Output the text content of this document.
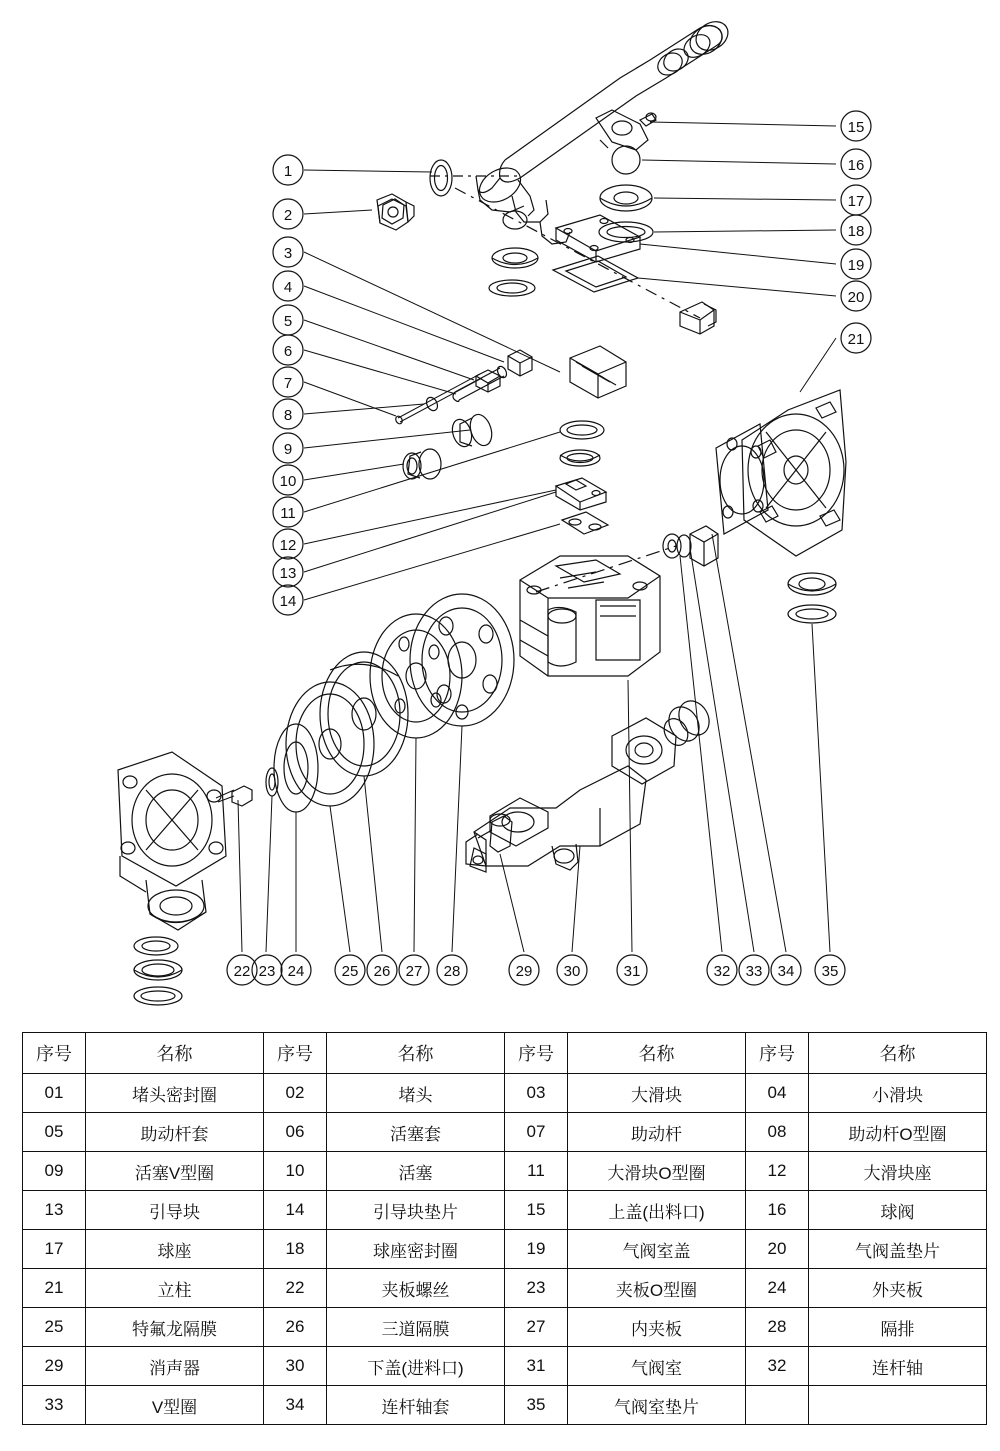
1
2
3
4
5
6
7
8
9
10
11
12
13
14
15
16
17
18
19
20
21
22 23 24 25 26 27 28	29 30	31	32 33 34 35
序号	名称	序号	名称	序号	名称	序号	名称
01	堵头密封圈	02	堵头	03	大滑块	04	小滑块
05	助动杆套	06	活塞套	07	助动杆	08	助动杆O型圈
09	活塞V型圈	10	活塞	11	大滑块O型圈	12	大滑块座
13	引导块	14	引导块垫片	15	上盖(出料口)	16	球阀
17	球座	18	球座密封圈	19	气阀室盖	20	气阀盖垫片
21	立柱	22	夹板螺丝	23	夹板O型圈	24	外夹板
25	特氟龙隔膜	26	三道隔膜	27	内夹板	28	隔排
29	消声器	30	下盖(进料口)	31	气阀室	32	连杆轴
33	V型圈	34	连杆轴套	35	气阀室垫片		
